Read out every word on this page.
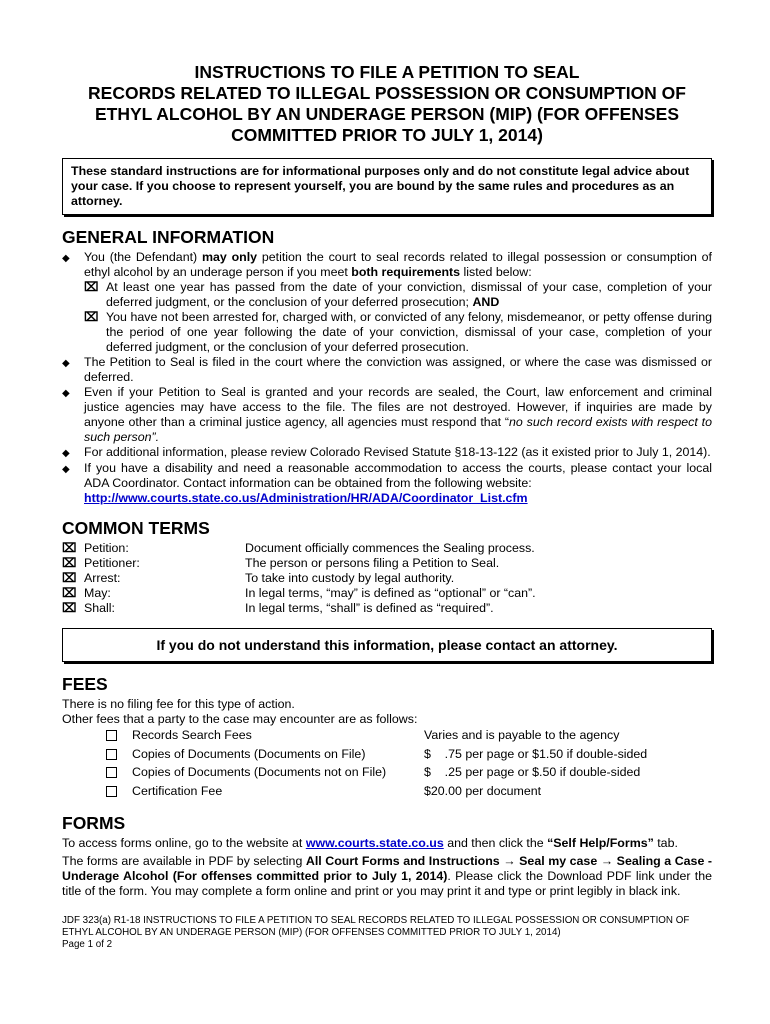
INSTRUCTIONS TO FILE A PETITION TO SEAL

RECORDS RELATED TO ILLEGAL POSSESSION OR CONSUMPTION OF

ETHYL ALCOHOL BY AN UNDERAGE PERSON (MIP) (FOR OFFENSES

COMMITTED PRIOR TO JULY 1, 2014)

These standard instructions are for informational purposes only and do not constitute legal advice about your case. If you choose to represent yourself, you are bound by the same rules and procedures as an attorney.
GENERAL INFORMATION
◆	You (the Defendant) may only petition the court to seal records related to illegal possession or consumption of ethyl alcohol by an underage person if you meet both requirements listed below:
⌧ At least one year has passed from the date of your conviction, dismissal of your case, completion of your deferred judgment, or the conclusion of your deferred prosecution; AND
⌧ You have not been arrested for, charged with, or convicted of any felony, misdemeanor, or petty offense during the period of one year following the date of your conviction, dismissal of your case, completion of your deferred judgment, or the conclusion of your deferred prosecution.
◆	The Petition to Seal is filed in the court where the conviction was assigned, or where the case was dismissed or deferred.
◆	Even if your Petition to Seal is granted and your records are sealed, the Court, law enforcement and criminal justice agencies may have access to the file. The files are not destroyed. However, if inquiries are made by anyone other than a criminal justice agency, all agencies must respond that “no such record exists with respect to such person”.
◆	For additional information, please review Colorado Revised Statute §18-13-122 (as it existed prior to July 1, 2014).
◆	If you have a disability and need a reasonable accommodation to access the courts, please contact your local ADA Coordinator. Contact information can be obtained from the following website:
http://www.courts.state.co.us/Administration/HR/ADA/Coordinator_List.cfm
COMMON TERMS
⌧ Petition:	Document officially commences the Sealing process.
⌧ Petitioner:	The person or persons filing a Petition to Seal.
⌧ Arrest:	To take into custody by legal authority.
⌧ May:	In legal terms, “may” is defined as “optional” or “can”.
⌧ Shall:	In legal terms, “shall” is defined as “required”.
If you do not understand this information, please contact an attorney.
FEES
There is no filing fee for this type of action.
Other fees that a party to the case may encounter are as follows:
Records Search Fees	Varies and is payable to the agency
Copies of Documents (Documents on File)	$    .75 per page or $1.50 if double-sided
Copies of Documents (Documents not on File)	$    .25 per page or $.50 if double-sided
Certification Fee	$20.00 per document
FORMS
To access forms online, go to the website at www.courts.state.co.us and then click the “Self Help/Forms” tab.
The forms are available in PDF by selecting All Court Forms and Instructions → Seal my case → Sealing a Case - Underage Alcohol (For offenses committed prior to July 1, 2014). Please click the Download PDF link under the title of the form. You may complete a form online and print or you may print it and type or print legibly in black ink.
JDF 323(a) R1-18 INSTRUCTIONS TO FILE A PETITION TO SEAL RECORDS RELATED TO ILLEGAL POSSESSION OR CONSUMPTION OF ETHYL ALCOHOL BY AN UNDERAGE PERSON (MIP) (FOR OFFENSES COMMITTED PRIOR TO JULY 1, 2014)
Page 1 of 2
